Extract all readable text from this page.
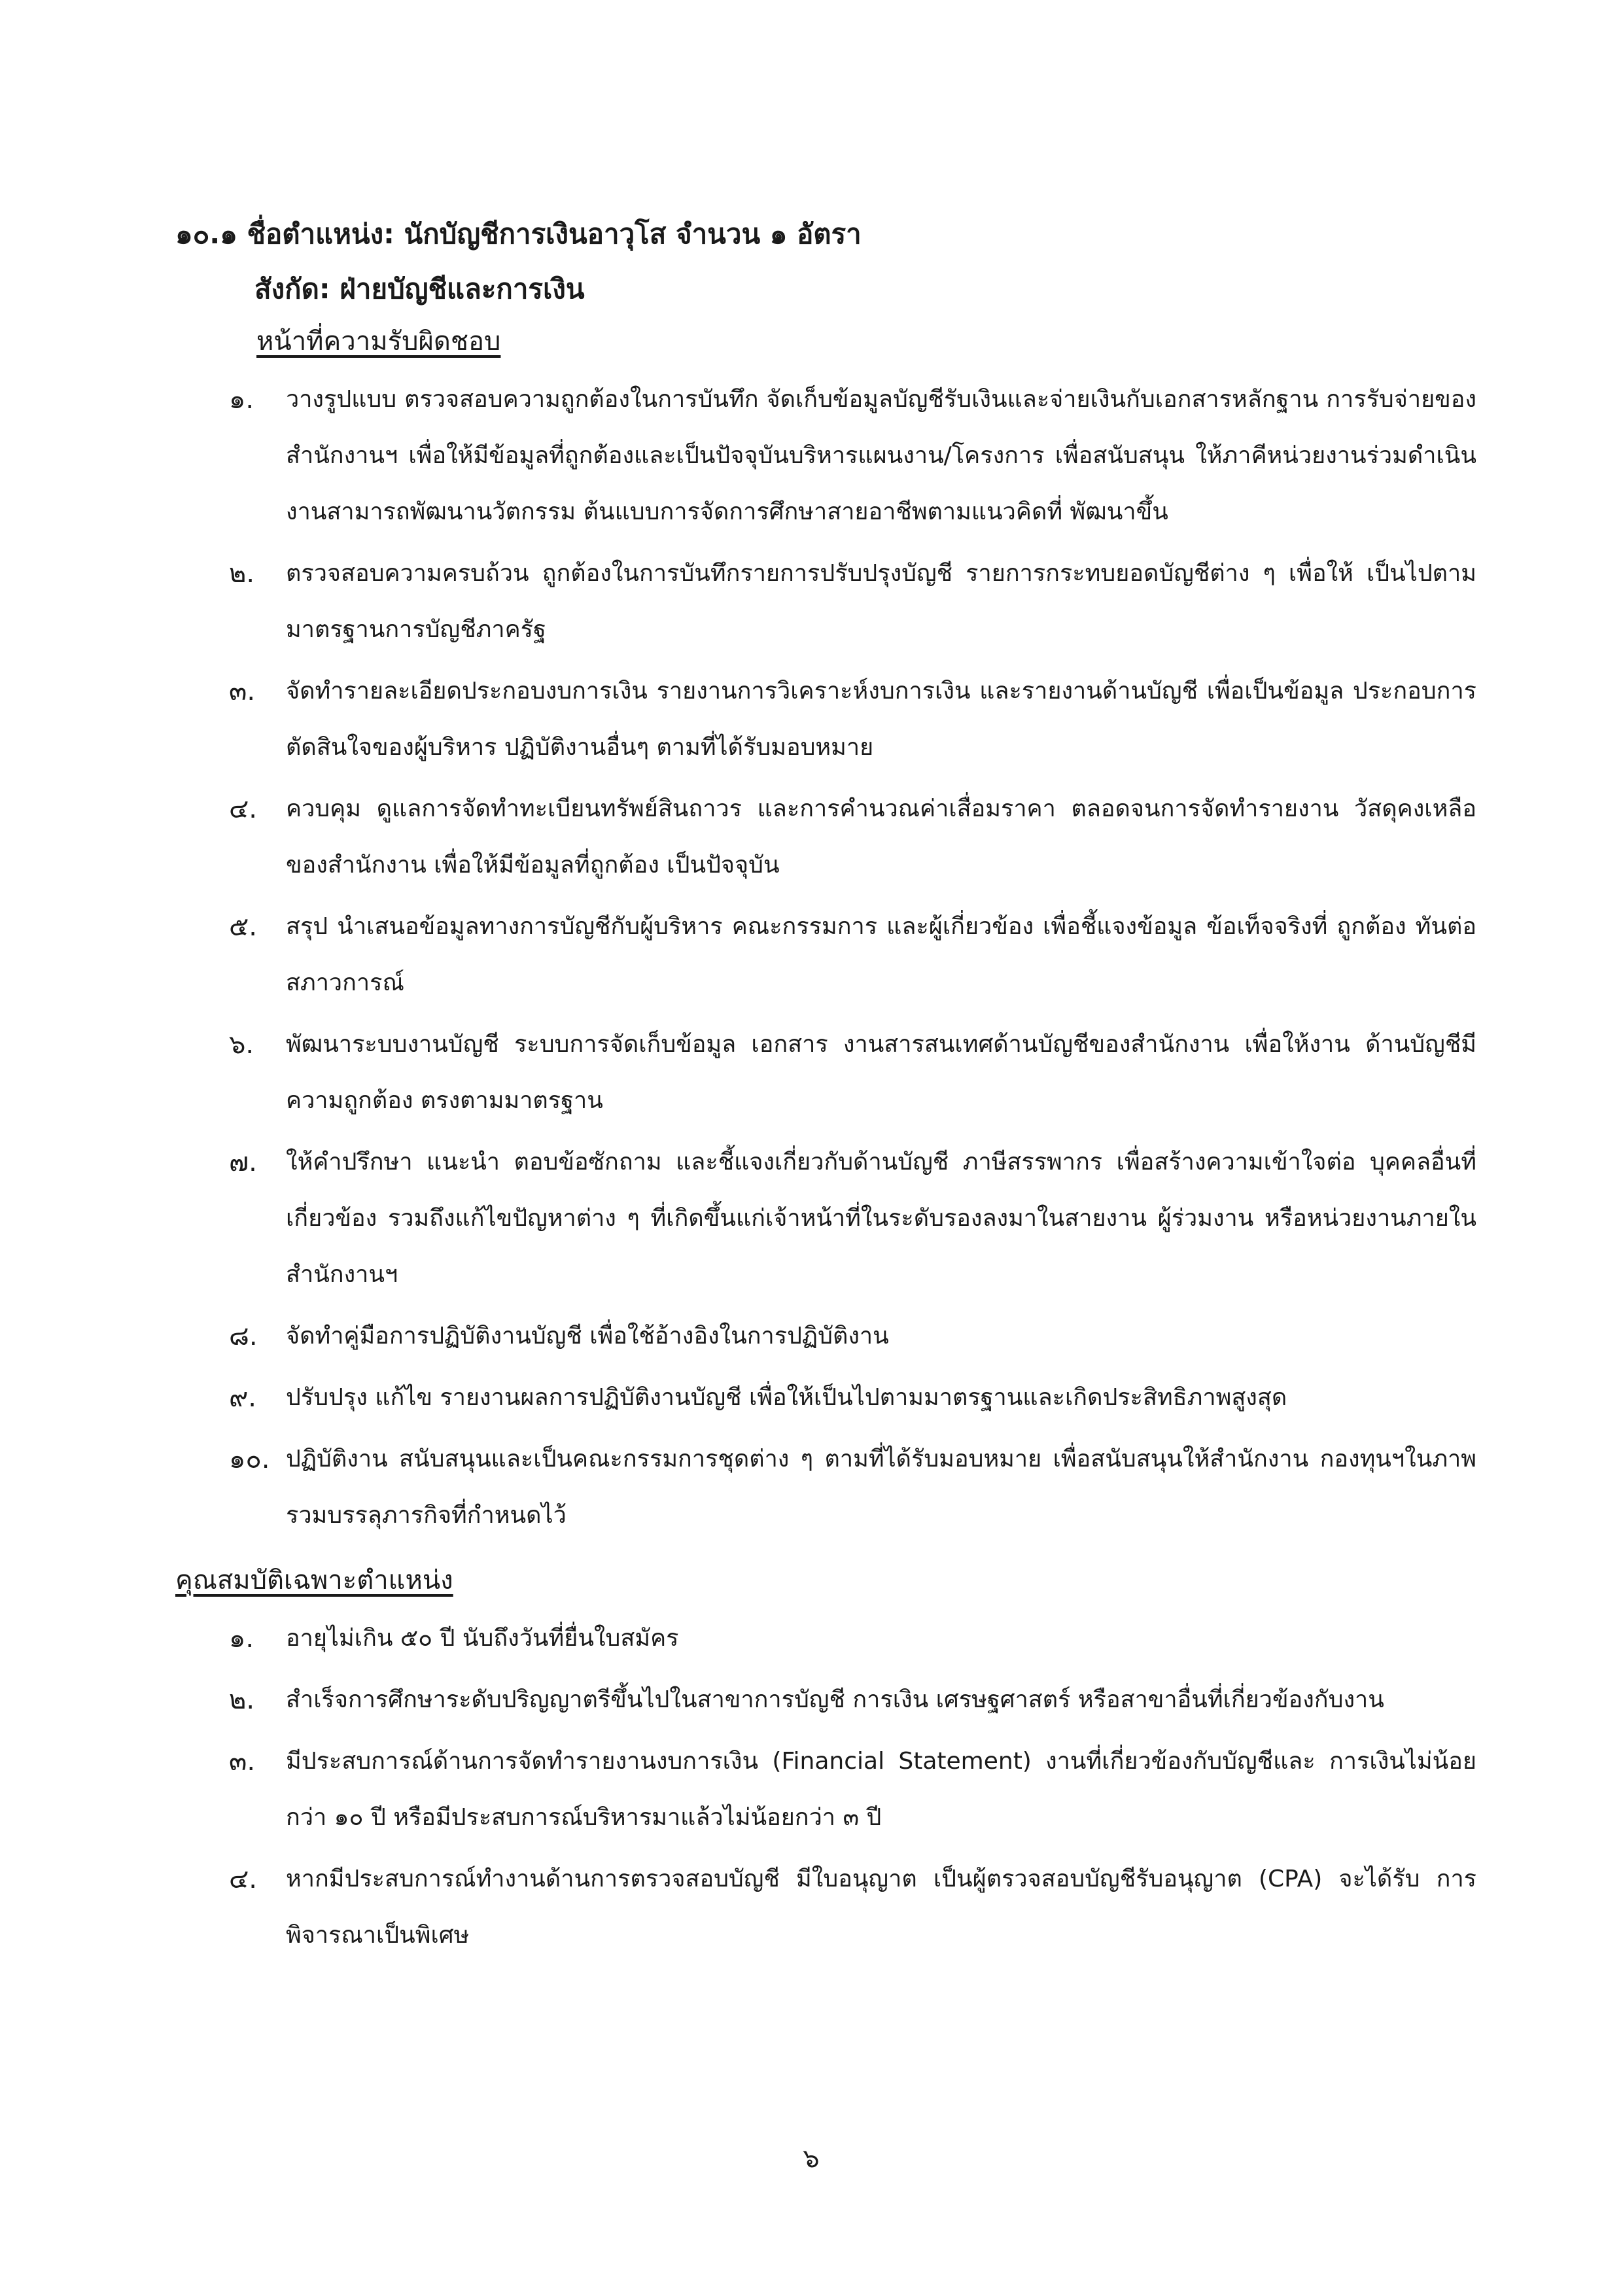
๑๐.๑ ชื่อตำแหน่ง: นักบัญชีการเงินอาวุโส จำนวน ๑ อัตรา
สังกัด: ฝ่ายบัญชีและการเงิน
หน้าที่ความรับผิดชอบ
๑. วางรูปแบบ ตรวจสอบความถูกต้องในการบันทึก จัดเก็บข้อมูลบัญชีรับเงินและจ่ายเงินกับเอกสารหลักฐาน การรับจ่ายของสำนักงานฯ เพื่อให้มีข้อมูลที่ถูกต้องและเป็นปัจจุบันบริหารแผนงาน/โครงการ เพื่อสนับสนุน ให้ภาคีหน่วยงานร่วมดำเนินงานสามารถพัฒนานวัตกรรม ต้นแบบการจัดการศึกษาสายอาชีพตามแนวคิดที่ พัฒนาขึ้น
๒. ตรวจสอบความครบถ้วน ถูกต้องในการบันทึกรายการปรับปรุงบัญชี รายการกระทบยอดบัญชีต่าง ๆ เพื่อให้ เป็นไปตามมาตรฐานการบัญชีภาครัฐ
๓. จัดทำรายละเอียดประกอบงบการเงิน รายงานการวิเคราะห์งบการเงิน และรายงานด้านบัญชี เพื่อเป็นข้อมูล ประกอบการตัดสินใจของผู้บริหาร ปฏิบัติงานอื่นๆ ตามที่ได้รับมอบหมาย
๔. ควบคุม ดูแลการจัดทำทะเบียนทรัพย์สินถาวร และการคำนวณค่าเสื่อมราคา ตลอดจนการจัดทำรายงาน วัสดุคงเหลือของสำนักงาน เพื่อให้มีข้อมูลที่ถูกต้อง เป็นปัจจุบัน
๕. สรุป นำเสนอข้อมูลทางการบัญชีกับผู้บริหาร คณะกรรมการ และผู้เกี่ยวข้อง เพื่อชี้แจงข้อมูล ข้อเท็จจริงที่ ถูกต้อง ทันต่อสภาวการณ์
๖. พัฒนาระบบงานบัญชี ระบบการจัดเก็บข้อมูล เอกสาร งานสารสนเทศด้านบัญชีของสำนักงาน เพื่อให้งาน ด้านบัญชีมีความถูกต้อง ตรงตามมาตรฐาน
๗. ให้คำปรึกษา แนะนำ ตอบข้อซักถาม และชี้แจงเกี่ยวกับด้านบัญชี ภาษีสรรพากร เพื่อสร้างความเข้าใจต่อ บุคคลอื่นที่เกี่ยวข้อง รวมถึงแก้ไขปัญหาต่าง ๆ ที่เกิดขึ้นแก่เจ้าหน้าที่ในระดับรองลงมาในสายงาน ผู้ร่วมงาน หรือหน่วยงานภายในสำนักงานฯ
๘. จัดทำคู่มือการปฏิบัติงานบัญชี เพื่อใช้อ้างอิงในการปฏิบัติงาน
๙. ปรับปรุง แก้ไข รายงานผลการปฏิบัติงานบัญชี เพื่อให้เป็นไปตามมาตรฐานและเกิดประสิทธิภาพสูงสุด
๑๐. ปฏิบัติงาน สนับสนุนและเป็นคณะกรรมการชุดต่าง ๆ ตามที่ได้รับมอบหมาย เพื่อสนับสนุนให้สำนักงาน กองทุนฯในภาพรวมบรรลุภารกิจที่กำหนดไว้
คุณสมบัติเฉพาะตำแหน่ง
๑. อายุไม่เกิน ๕๐ ปี นับถึงวันที่ยื่นใบสมัคร
๒. สำเร็จการศึกษาระดับปริญญาตรีขึ้นไปในสาขาการบัญชี การเงิน เศรษฐศาสตร์ หรือสาขาอื่นที่เกี่ยวข้องกับงาน
๓. มีประสบการณ์ด้านการจัดทำรายงานงบการเงิน (Financial Statement) งานที่เกี่ยวข้องกับบัญชีและ การเงินไม่น้อยกว่า ๑๐ ปี หรือมีประสบการณ์บริหารมาแล้วไม่น้อยกว่า ๓ ปี
๔. หากมีประสบการณ์ทำงานด้านการตรวจสอบบัญชี มีใบอนุญาต เป็นผู้ตรวจสอบบัญชีรับอนุญาต (CPA) จะได้รับ การพิจารณาเป็นพิเศษ
๖
